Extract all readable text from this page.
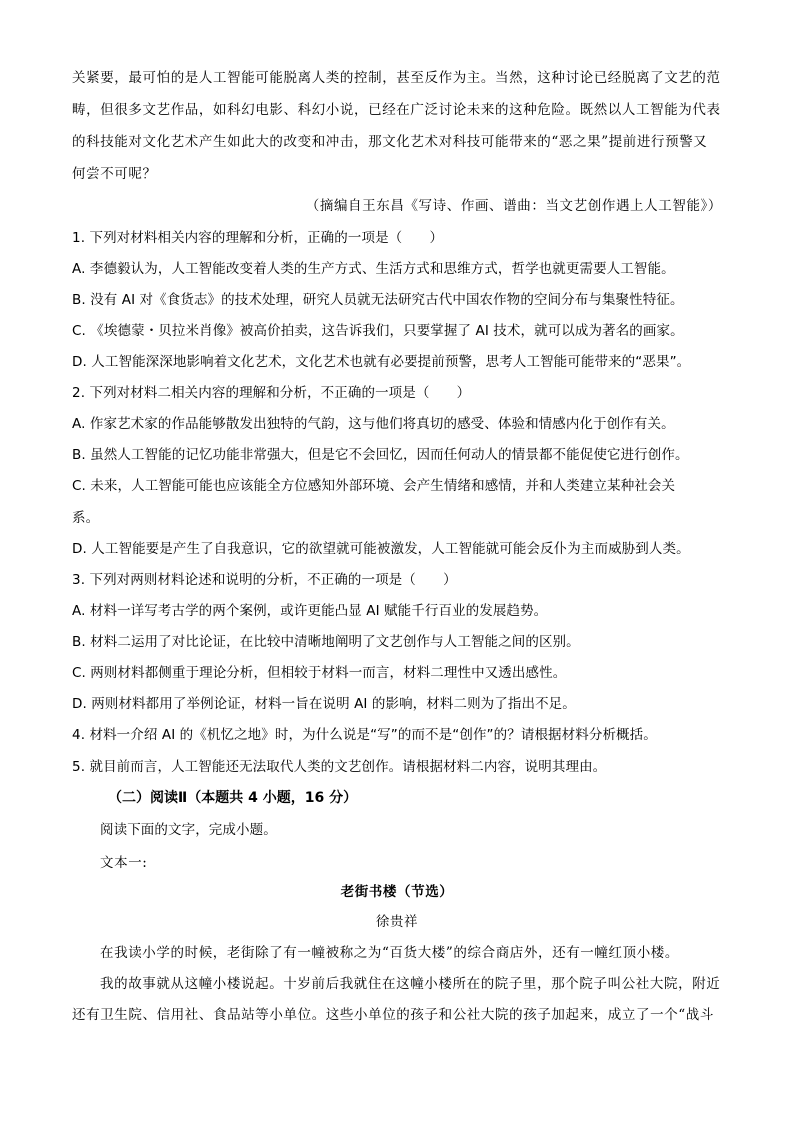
关紧要，最可怕的是人工智能可能脱离人类的控制，甚至反作为主。当然，这种讨论已经脱离了文艺的范
畴，但很多文艺作品，如科幻电影、科幻小说，已经在广泛讨论未来的这种危险。既然以人工智能为代表
的科技能对文化艺术产生如此大的改变和冲击，那文化艺术对科技可能带来的“恶之果”提前进行预警又
何尝不可呢？
（摘编自王东昌《写诗、作画、谱曲：当文艺创作遇上人工智能》）
1. 下列对材料相关内容的理解和分析，正确的一项是（　　）
A. 李德毅认为，人工智能改变着人类的生产方式、生活方式和思维方式，哲学也就更需要人工智能。
B. 没有 AI 对《食货志》的技术处理，研究人员就无法研究古代中国农作物的空间分布与集聚性特征。
C. 《埃德蒙・贝拉米肖像》被高价拍卖，这告诉我们，只要掌握了 AI 技术，就可以成为著名的画家。
D. 人工智能深深地影响着文化艺术，文化艺术也就有必要提前预警，思考人工智能可能带来的“恶果”。
2. 下列对材料二相关内容的理解和分析，不正确的一项是（　　）
A. 作家艺术家的作品能够散发出独特的气韵，这与他们将真切的感受、体验和情感内化于创作有关。
B. 虽然人工智能的记忆功能非常强大，但是它不会回忆，因而任何动人的情景都不能促使它进行创作。
C. 未来，人工智能可能也应该能全方位感知外部环境、会产生情绪和感情，并和人类建立某种社会关
系。
D. 人工智能要是产生了自我意识，它的欲望就可能被激发，人工智能就可能会反仆为主而威胁到人类。
3. 下列对两则材料论述和说明的分析，不正确的一项是（　　）
A. 材料一详写考古学的两个案例，或许更能凸显 AI 赋能千行百业的发展趋势。
B. 材料二运用了对比论证，在比较中清晰地阐明了文艺创作与人工智能之间的区别。
C. 两则材料都侧重于理论分析，但相较于材料一而言，材料二理性中又透出感性。
D. 两则材料都用了举例论证，材料一旨在说明 AI 的影响，材料二则为了指出不足。
4. 材料一介绍 AI 的《机忆之地》时，为什么说是“写”的而不是“创作”的？请根据材料分析概括。
5. 就目前而言，人工智能还无法取代人类的文艺创作。请根据材料二内容，说明其理由。
（二）阅读Ⅱ（本题共 4 小题，16 分）
阅读下面的文字，完成小题。
文本一:
老街书楼（节选）
徐贵祥
在我读小学的时候，老街除了有一幢被称之为“百货大楼”的综合商店外，还有一幢红顶小楼。
我的故事就从这幢小楼说起。十岁前后我就住在这幢小楼所在的院子里，那个院子叫公社大院，附近
还有卫生院、信用社、食品站等小单位。这些小单位的孩子和公社大院的孩子加起来，成立了一个“战斗
